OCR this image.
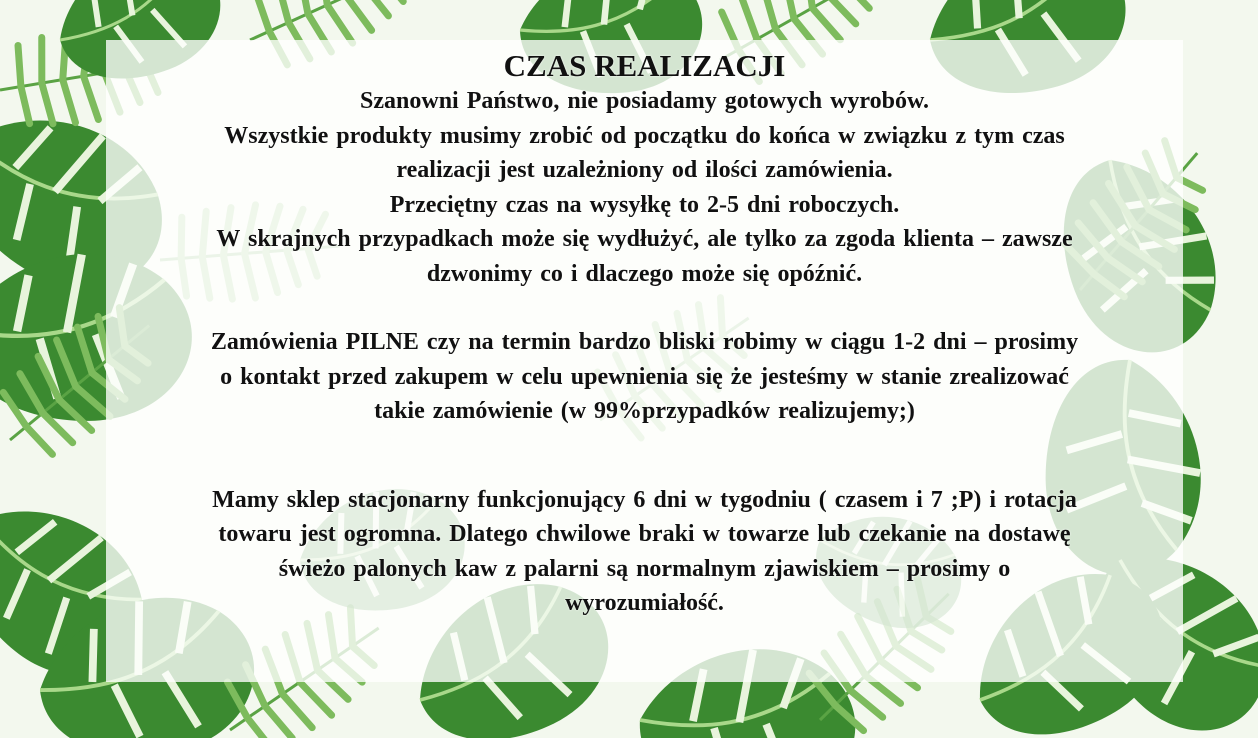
CZAS REALIZACJI

Szanowni Państwo, nie posiadamy gotowych wyrobów.

Wszystkie produkty musimy zrobić od początku do końca w związku z tym czas

realizacji jest uzależniony od ilości zamówienia.

Przeciętny czas na wysyłkę to 2-5 dni roboczych.

W skrajnych przypadkach może się wydłużyć, ale tylko za zgoda klienta – zawsze

dzwonimy co i dlaczego może się opóźnić.

Zamówienia PILNE czy na termin bardzo bliski robimy w ciągu 1-2 dni – prosimy

o kontakt przed zakupem w celu upewnienia się że jesteśmy w stanie zrealizować

takie zamówienie (w 99%przypadków realizujemy;)

Mamy sklep stacjonarny funkcjonujący 6 dni w tygodniu ( czasem i 7 ;P) i rotacja

towaru jest ogromna. Dlatego chwilowe braki w towarze lub czekanie na dostawę

świeżo palonych kaw z palarni są normalnym zjawiskiem – prosimy o

wyrozumiałość.
